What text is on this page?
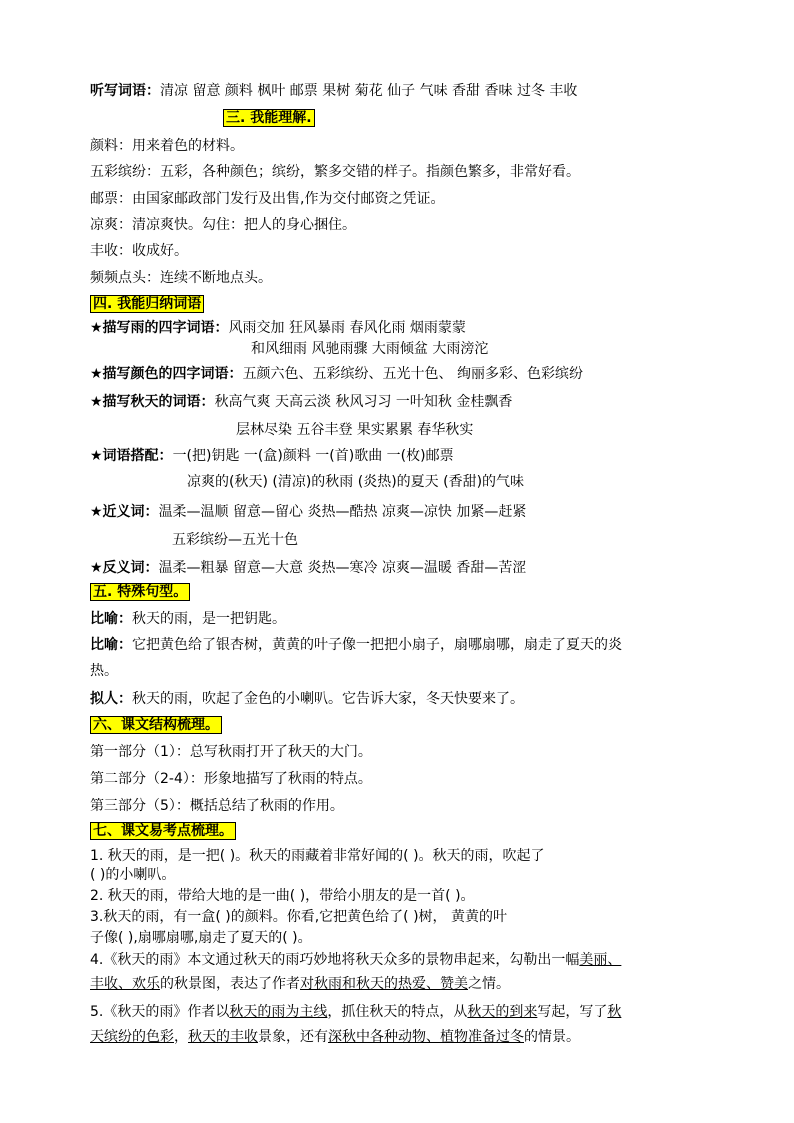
听写词语：清凉 留意 颜料 枫叶 邮票 果树 菊花 仙子 气味 香甜 香味 过冬 丰收
三. 我能理解.
颜料：用来着色的材料。
五彩缤纷：五彩，各种颜色；缤纷，繁多交错的样子。指颜色繁多，非常好看。
邮票：由国家邮政部门发行及出售,作为交付邮资之凭证。
凉爽：清凉爽快。勾住：把人的身心捆住。
丰收：收成好。
频频点头：连续不断地点头。
四. 我能归纳词语
★描写雨的四字词语：风雨交加 狂风暴雨 春风化雨 烟雨蒙蒙
和风细雨 风驰雨骤 大雨倾盆 大雨滂沱
★描写颜色的四字词语：五颜六色、五彩缤纷、五光十色、 绚丽多彩、色彩缤纷
★描写秋天的词语：秋高气爽 天高云淡 秋风习习 一叶知秋 金桂飘香
层林尽染 五谷丰登 果实累累 春华秋实
★词语搭配：一(把)钥匙 一(盒)颜料 一(首)歌曲 一(枚)邮票
凉爽的(秋天) (清凉)的秋雨 (炎热)的夏天 (香甜)的气味
★近义词：温柔—温顺 留意—留心 炎热—酷热 凉爽—凉快 加紧—赶紧
五彩缤纷—五光十色
★反义词：温柔—粗暴 留意—大意 炎热—寒冷 凉爽—温暖 香甜—苦涩
五. 特殊句型。
比喻：秋天的雨，是一把钥匙。
比喻：它把黄色给了银杏树，黄黄的叶子像一把把小扇子，扇哪扇哪，扇走了夏天的炎
热。
拟人：秋天的雨，吹起了金色的小喇叭。它告诉大家，冬天快要来了。
六、课文结构梳理。
第一部分（1）：总写秋雨打开了秋天的大门。
第二部分（2-4）：形象地描写了秋雨的特点。
第三部分（5）：概括总结了秋雨的作用。
七、课文易考点梳理。
1. 秋天的雨，是一把( )。秋天的雨藏着非常好闻的( )。秋天的雨，吹起了
( )的小喇叭。
2. 秋天的雨，带给大地的是一曲( )，带给小朋友的是一首( )。
3.秋天的雨，有一盒( )的颜料。你看,它把黄色给了( )树， 黄黄的叶
子像( ),扇哪扇哪,扇走了夏天的( )。
4.《秋天的雨》本文通过秋天的雨巧妙地将秋天众多的景物串起来，勾勒出一幅美丽、
丰收、欢乐的秋景图，表达了作者对秋雨和秋天的热爱、赞美之情。
5.《秋天的雨》作者以秋天的雨为主线，抓住秋天的特点，从秋天的到来写起，写了秋
天缤纷的色彩，秋天的丰收景象，还有深秋中各种动物、植物准备过冬的情景。
